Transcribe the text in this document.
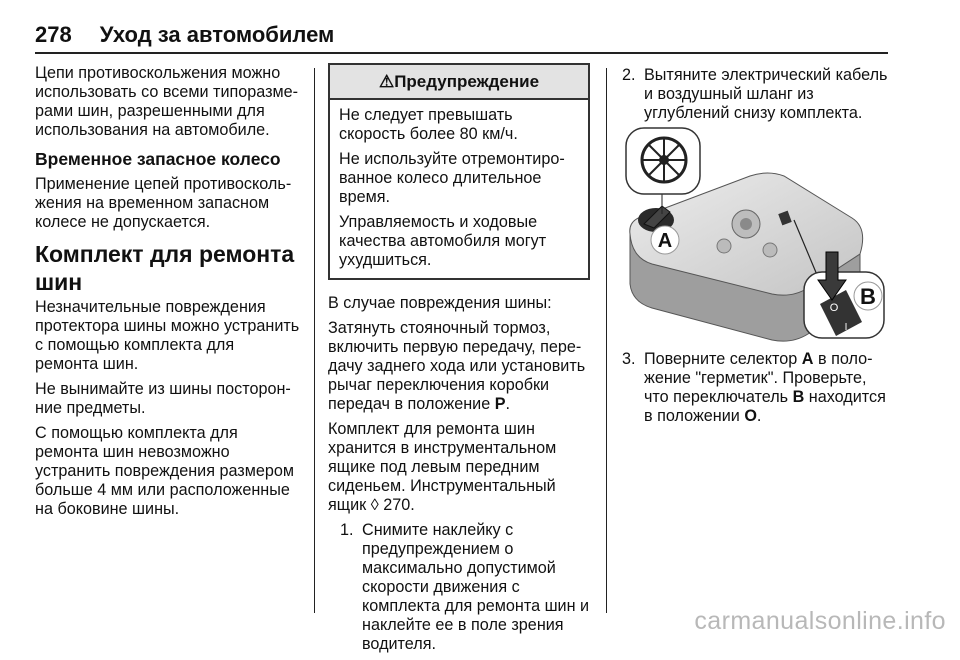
278 Уход за автомобилем

Цепи противоскольжения можно использовать со всеми типоразмерами шин, разрешенными для использования на автомобиле.

Временное запасное колесо

Применение цепей противоскольжения на временном запасном колесе не допускается.

Комплект для ремонта шин

Незначительные повреждения протектора шины можно устранить с помощью комплекта для ремонта шин.

Не вынимайте из шины посторонние предметы.

С помощью комплекта для ремонта шин невозможно устранить повреждения размером больше 4 мм или расположенные на боковине шины.

⚠Предупреждение

Не следует превышать скорость более 80 км/ч.

Не используйте отремонтированное колесо длительное время.

Управляемость и ходовые качества автомобиля могут ухудшиться.

В случае повреждения шины:

Затянуть стояночный тормоз, включить первую передачу, передачу заднего хода или установить рычаг переключения коробки передач в положение P.

Комплект для ремонта шин хранится в инструментальном ящике под левым передним сиденьем. Инструментальный ящик ◊ 270.

1. Снимите наклейку с предупреждением о максимально допустимой скорости движения с комплекта для ремонта шин и наклейте ее в поле зрения водителя.
2. Вытяните электрический кабель и воздушный шланг из углублений снизу комплекта.
A
O
I
B
3. Поверните селектор A в положение "герметик". Проверьте, что переключатель B находится в положении O.
carmanualsonline.info
